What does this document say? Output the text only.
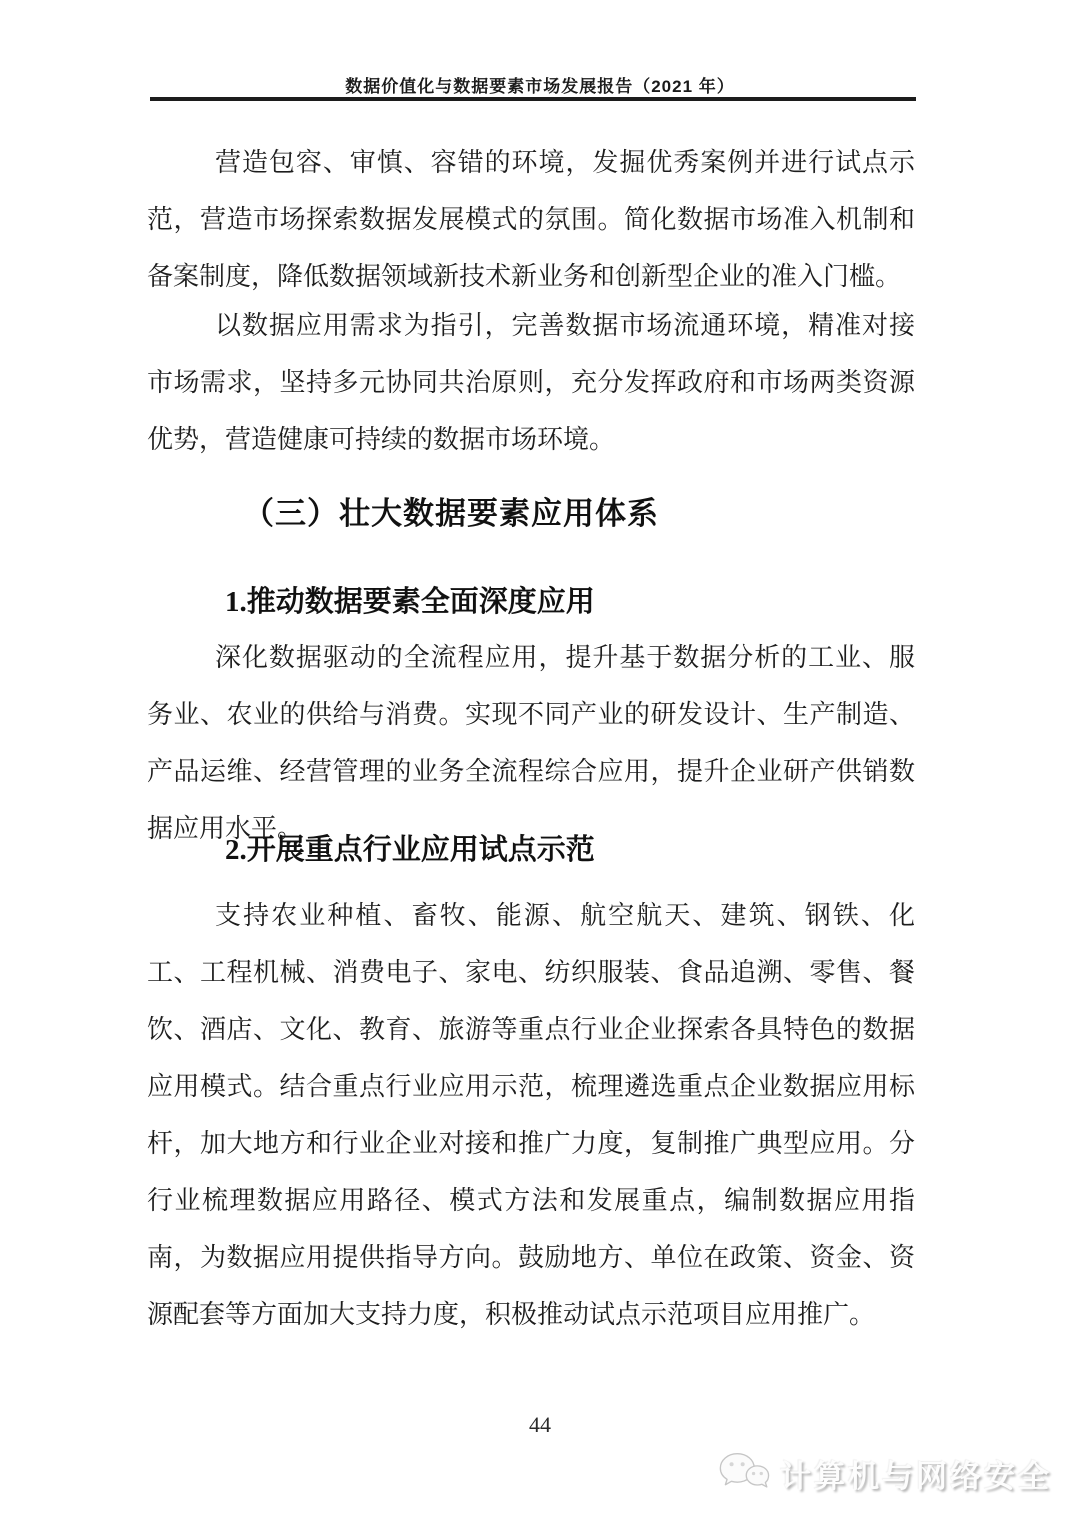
数据价值化与数据要素市场发展报告（2021 年）

营造包容、审慎、容错的环境，发掘优秀案例并进行试点示范，营造市场探索数据发展模式的氛围。简化数据市场准入机制和备案制度，降低数据领域新技术新业务和创新型企业的准入门槛。

以数据应用需求为指引，完善数据市场流通环境，精准对接市场需求，坚持多元协同共治原则，充分发挥政府和市场两类资源优势，营造健康可持续的数据市场环境。

（三）壮大数据要素应用体系
1.推动数据要素全面深度应用

深化数据驱动的全流程应用，提升基于数据分析的工业、服务业、农业的供给与消费。实现不同产业的研发设计、生产制造、产品运维、经营管理的业务全流程综合应用，提升企业研产供销数据应用水平。

2.开展重点行业应用试点示范

支持农业种植、畜牧、能源、航空航天、建筑、钢铁、化工、工程机械、消费电子、家电、纺织服装、食品追溯、零售、餐饮、酒店、文化、教育、旅游等重点行业企业探索各具特色的数据应用模式。结合重点行业应用示范，梳理遴选重点企业数据应用标杆，加大地方和行业企业对接和推广力度，复制推广典型应用。分行业梳理数据应用路径、模式方法和发展重点，编制数据应用指南，为数据应用提供指导方向。鼓励地方、单位在政策、资金、资源配套等方面加大支持力度，积极推动试点示范项目应用推广。

44
计算机与网络安全
